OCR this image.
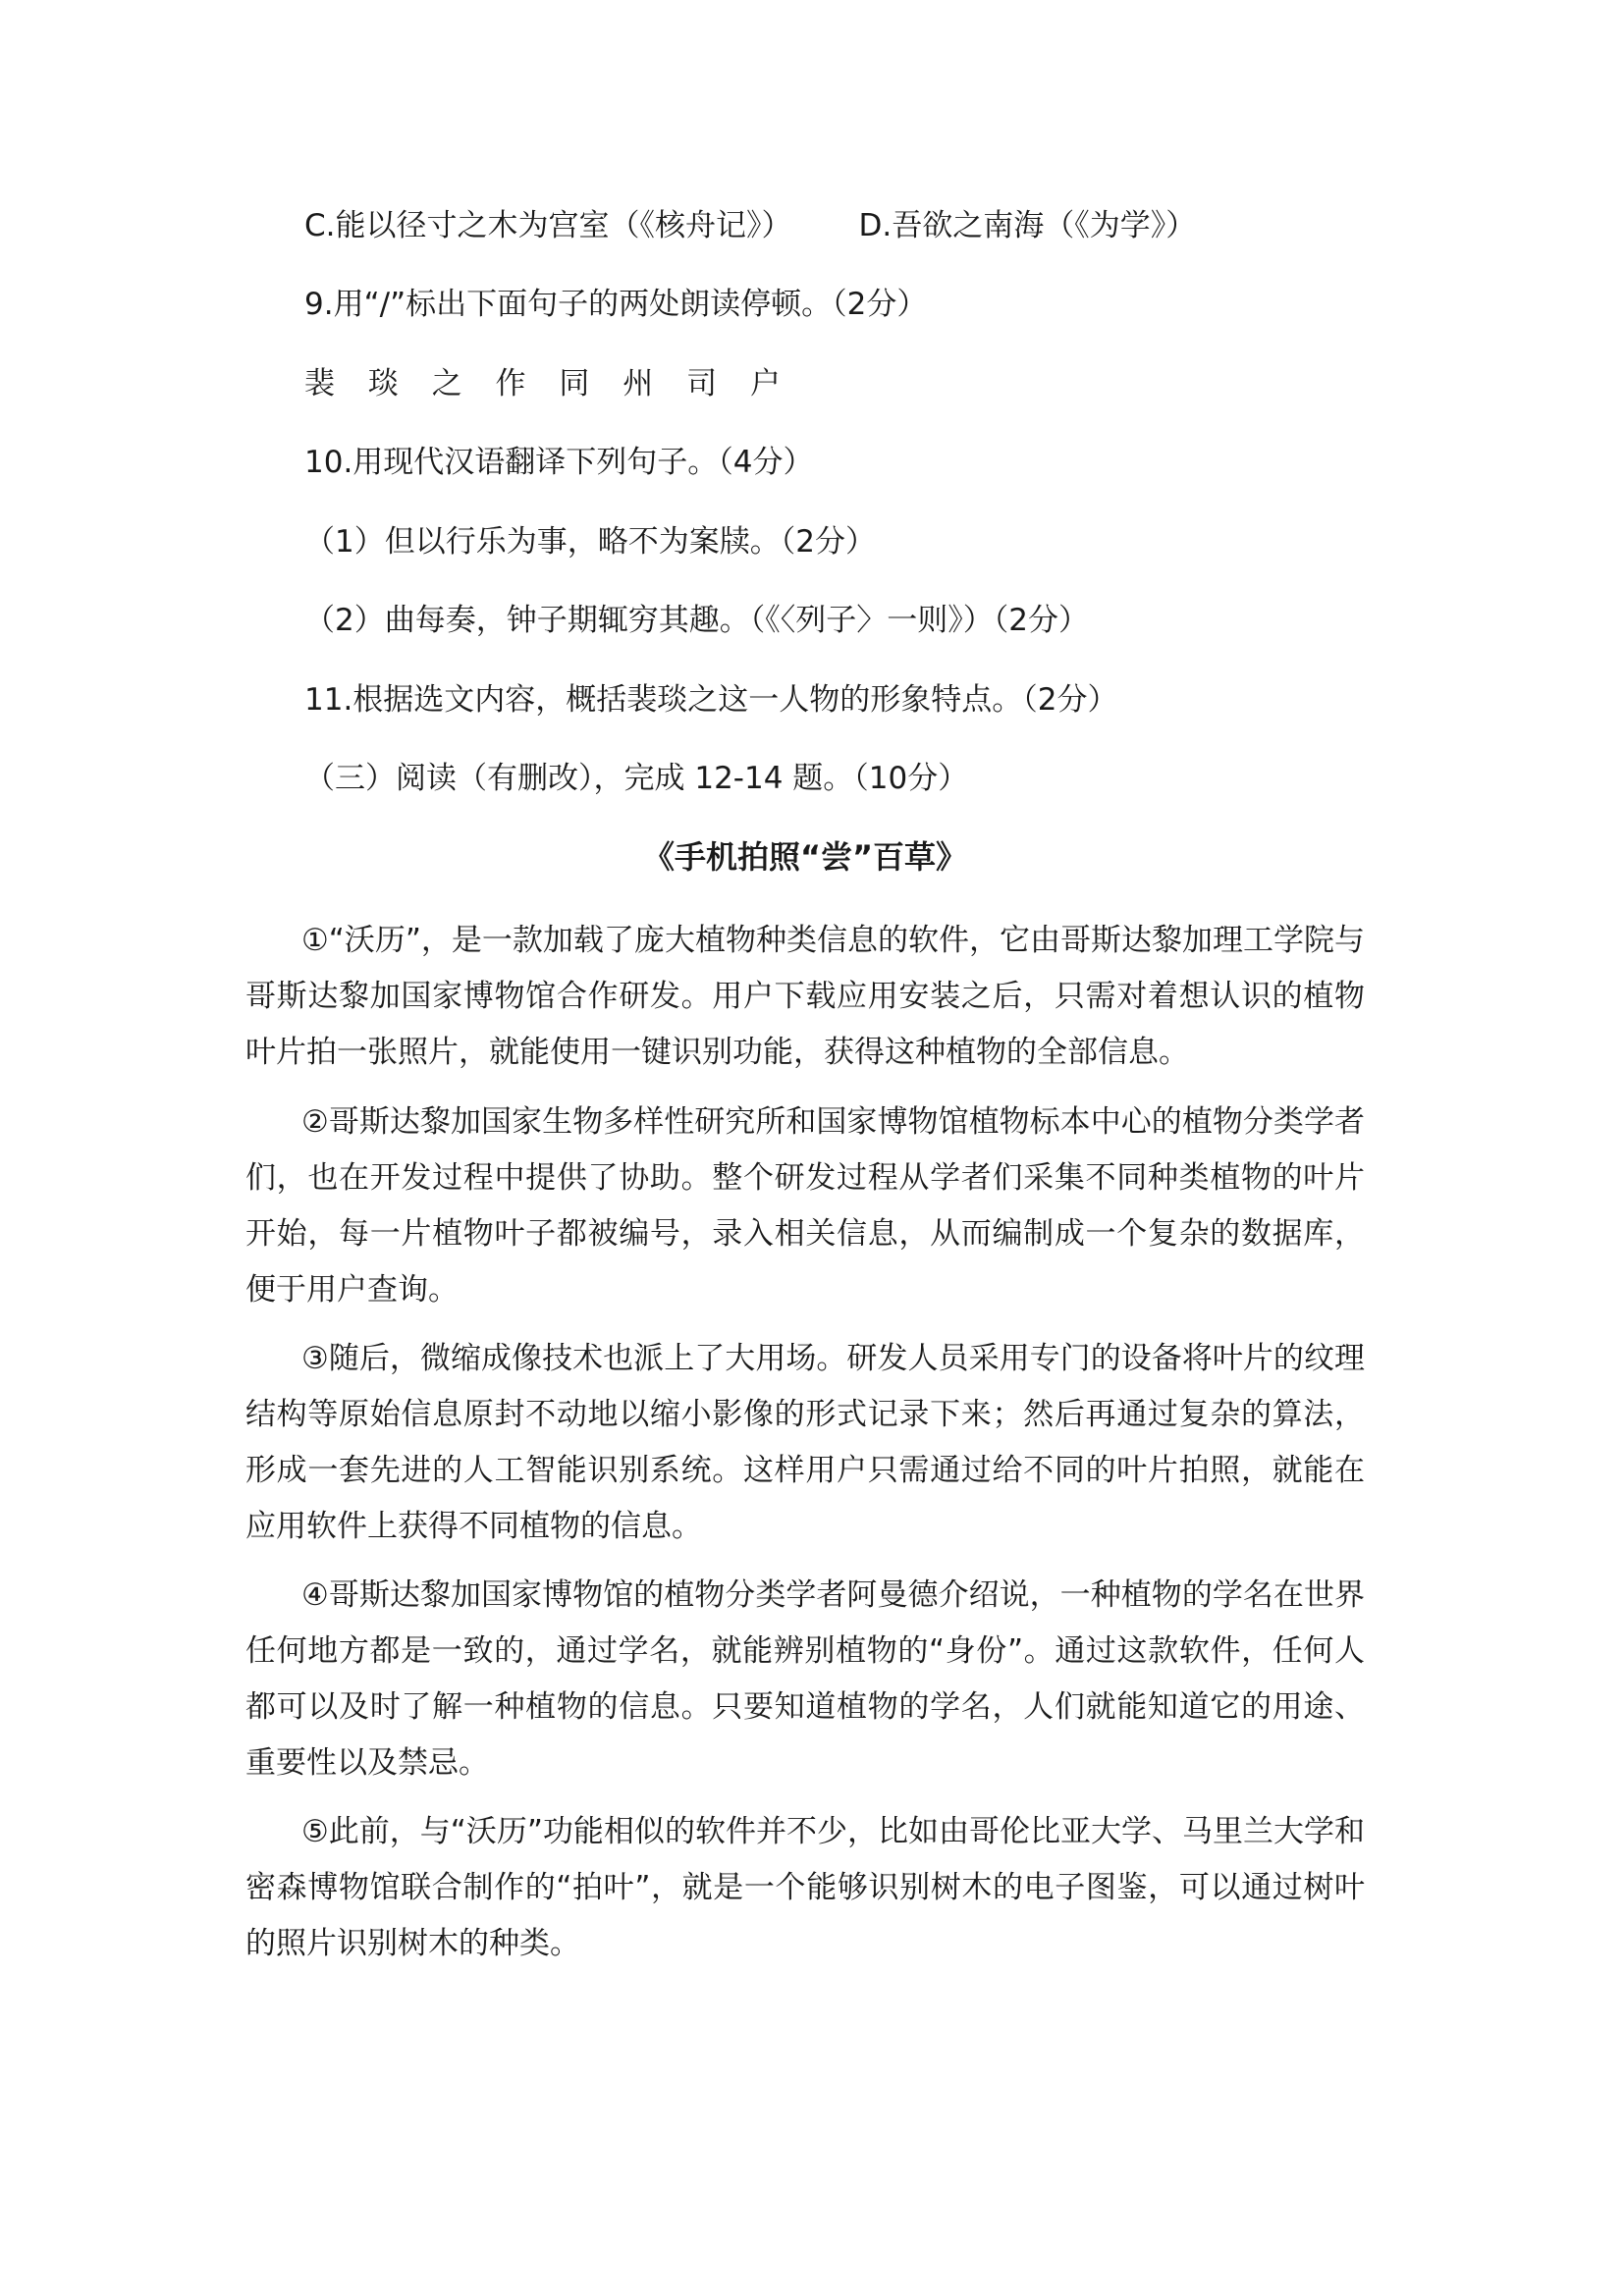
C.能以径寸之木为宫室（《核舟记》） D.吾欲之南海（《为学》）

9.用“/”标出下面句子的两处朗读停顿。（2分）

裴 琰 之 作 同 州 司 户

10.用现代汉语翻译下列句子。（4分）

（1）但以行乐为事，略不为案牍。（2分）

（2）曲每奏，钟子期辄穷其趣。（《〈列子〉一则》）（2分）

11.根据选文内容，概括裴琰之这一人物的形象特点。（2分）

（三）阅读（有删改），完成 12-14 题。（10分）

《手机拍照“尝”百草》

①“沃历”，是一款加载了庞大植物种类信息的软件，它由哥斯达黎加理工学院与哥斯达黎加国家博物馆合作研发。用户下载应用安装之后，只需对着想认识的植物叶片拍一张照片，就能使用一键识别功能，获得这种植物的全部信息。

②哥斯达黎加国家生物多样性研究所和国家博物馆植物标本中心的植物分类学者们，也在开发过程中提供了协助。整个研发过程从学者们采集不同种类植物的叶片开始，每一片植物叶子都被编号，录入相关信息，从而编制成一个复杂的数据库，便于用户查询。

③随后，微缩成像技术也派上了大用场。研发人员采用专门的设备将叶片的纹理结构等原始信息原封不动地以缩小影像的形式记录下来；然后再通过复杂的算法，形成一套先进的人工智能识别系统。这样用户只需通过给不同的叶片拍照，就能在应用软件上获得不同植物的信息。

④哥斯达黎加国家博物馆的植物分类学者阿曼德介绍说，一种植物的学名在世界任何地方都是一致的，通过学名，就能辨别植物的“身份”。通过这款软件，任何人都可以及时了解一种植物的信息。只要知道植物的学名，人们就能知道它的用途、重要性以及禁忌。

⑤此前，与“沃历”功能相似的软件并不少，比如由哥伦比亚大学、马里兰大学和密森博物馆联合制作的“拍叶”，就是一个能够识别树木的电子图鉴，可以通过树叶的照片识别树木的种类。
